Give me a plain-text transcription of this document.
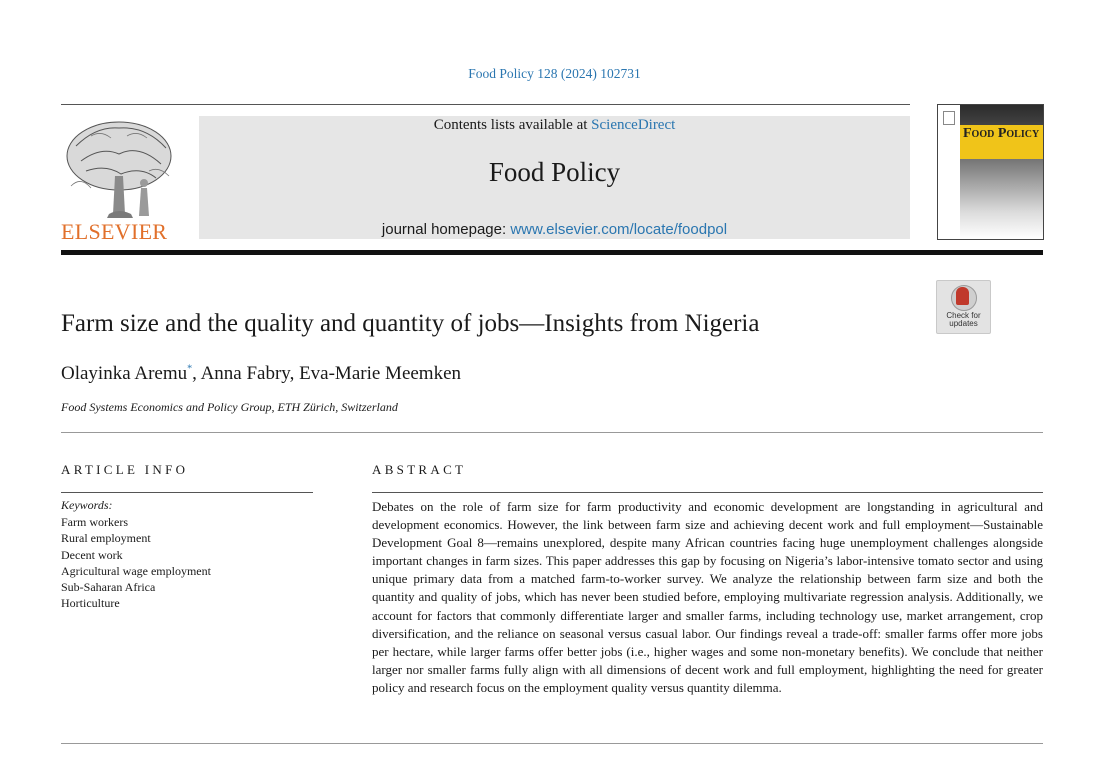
Food Policy 128 (2024) 102731
ELSEVIER
Contents lists available at ScienceDirect
Food Policy
journal homepage: www.elsevier.com/locate/foodpol
Food Policy
Check for updates
Farm size and the quality and quantity of jobs—Insights from Nigeria
Olayinka Aremu*, Anna Fabry, Eva-Marie Meemken
Food Systems Economics and Policy Group, ETH Zürich, Switzerland
ARTICLE INFO
Keywords:
Farm workers
Rural employment
Decent work
Agricultural wage employment
Sub-Saharan Africa
Horticulture
ABSTRACT

Debates on the role of farm size for farm productivity and economic development are longstanding in agricultural and development economics. However, the link between farm size and achieving decent work and full employment—Sustainable Development Goal 8—remains unexplored, despite many African countries facing huge unemployment challenges alongside important changes in farm sizes. This paper addresses this gap by focusing on Nigeria’s labor-intensive tomato sector and using unique primary data from a matched farm-to-worker survey. We analyze the relationship between farm size and both the quantity and quality of jobs, which has never been studied before, employing multivariate regression analysis. Additionally, we account for factors that commonly differentiate larger and smaller farms, including technology use, market arrangement, crop diversification, and the reliance on seasonal versus casual labor. Our findings reveal a trade-off: smaller farms offer more jobs per hectare, while larger farms offer better jobs (i.e., higher wages and some non-monetary benefits). We conclude that neither larger nor smaller farms fully align with all dimensions of decent work and full employment, highlighting the need for greater policy and research focus on the employment quality versus quantity dilemma.
